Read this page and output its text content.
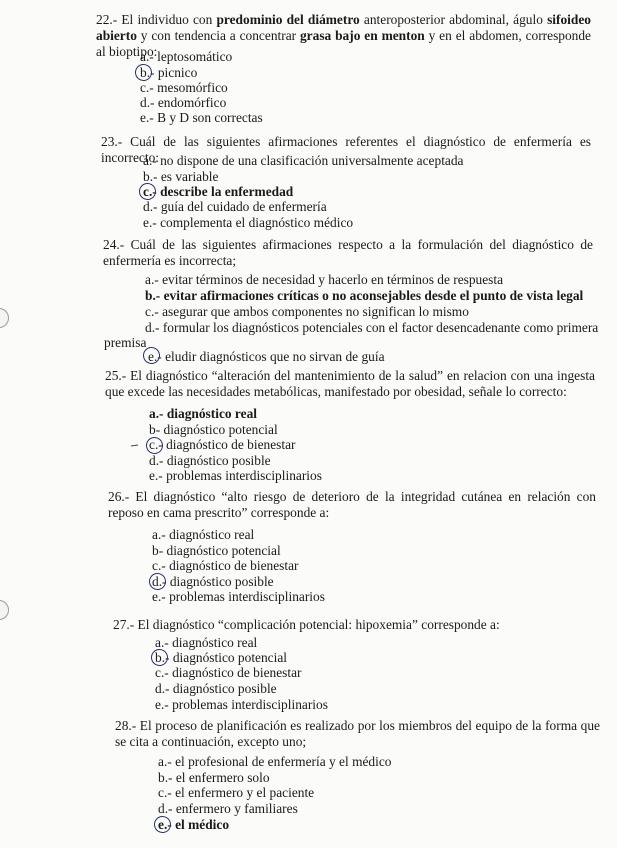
22.- El individuo con predominio del diámetro anteroposterior abdominal, águlo sifoideo abierto y con tendencia a concentrar grasa bajo en menton y en el abdomen, corresponde al bioptipo:
a.- leptosomático
b.- picnico
c.- mesomórfico
d.- endomórfico
e.- B y D son correctas
23.- Cuál de las siguientes afirmaciones referentes el diagnóstico de enfermería es incorrecto:
a.- no dispone de una clasificación universalmente aceptada
b.- es variable
c.- describe la enfermedad
d.- guía del cuidado de enfermería
e.- complementa el diagnóstico médico
24.- Cuál de las siguientes afirmaciones respecto a la formulación del diagnóstico de enfermería es incorrecta;
a.- evitar términos de necesidad y hacerlo en términos de respuesta
b.- evitar afirmaciones críticas o no aconsejables desde el punto de vista legal
c.- asegurar que ambos componentes no significan lo mismo
d.- formular los diagnósticos potenciales con el factor desencadenante como primera
premisa
e.- eludir diagnósticos que no sirvan de guía
25.- El diagnóstico “alteración del mantenimiento de la salud” en relacion con una ingesta que excede las necesidades metabólicas, manifestado por obesidad, señale lo correcto:
a.- diagnóstico real
b- diagnóstico potencial
c.- diagnóstico de bienestar
d.- diagnóstico posible
e.- problemas interdisciplinarios
26.- El diagnóstico “alto riesgo de deterioro de la integridad cutánea en relación con reposo en cama prescrito” corresponde a:
a.- diagnóstico real
b- diagnóstico potencial
c.- diagnóstico de bienestar
d.- diagnóstico posible
e.- problemas interdisciplinarios
27.- El diagnóstico “complicación potencial: hipoxemia” corresponde a:
a.- diagnóstico real
b.- diagnóstico potencial
c.- diagnóstico de bienestar
d.- diagnóstico posible
e.- problemas interdisciplinarios
28.- El proceso de planificación es realizado por los miembros del equipo de la forma que se cita a continuación, excepto uno;
a.- el profesional de enfermería y el médico
b.- el enfermero solo
c.- el enfermero y el paciente
d.- enfermero y familiares
e.- el médico
